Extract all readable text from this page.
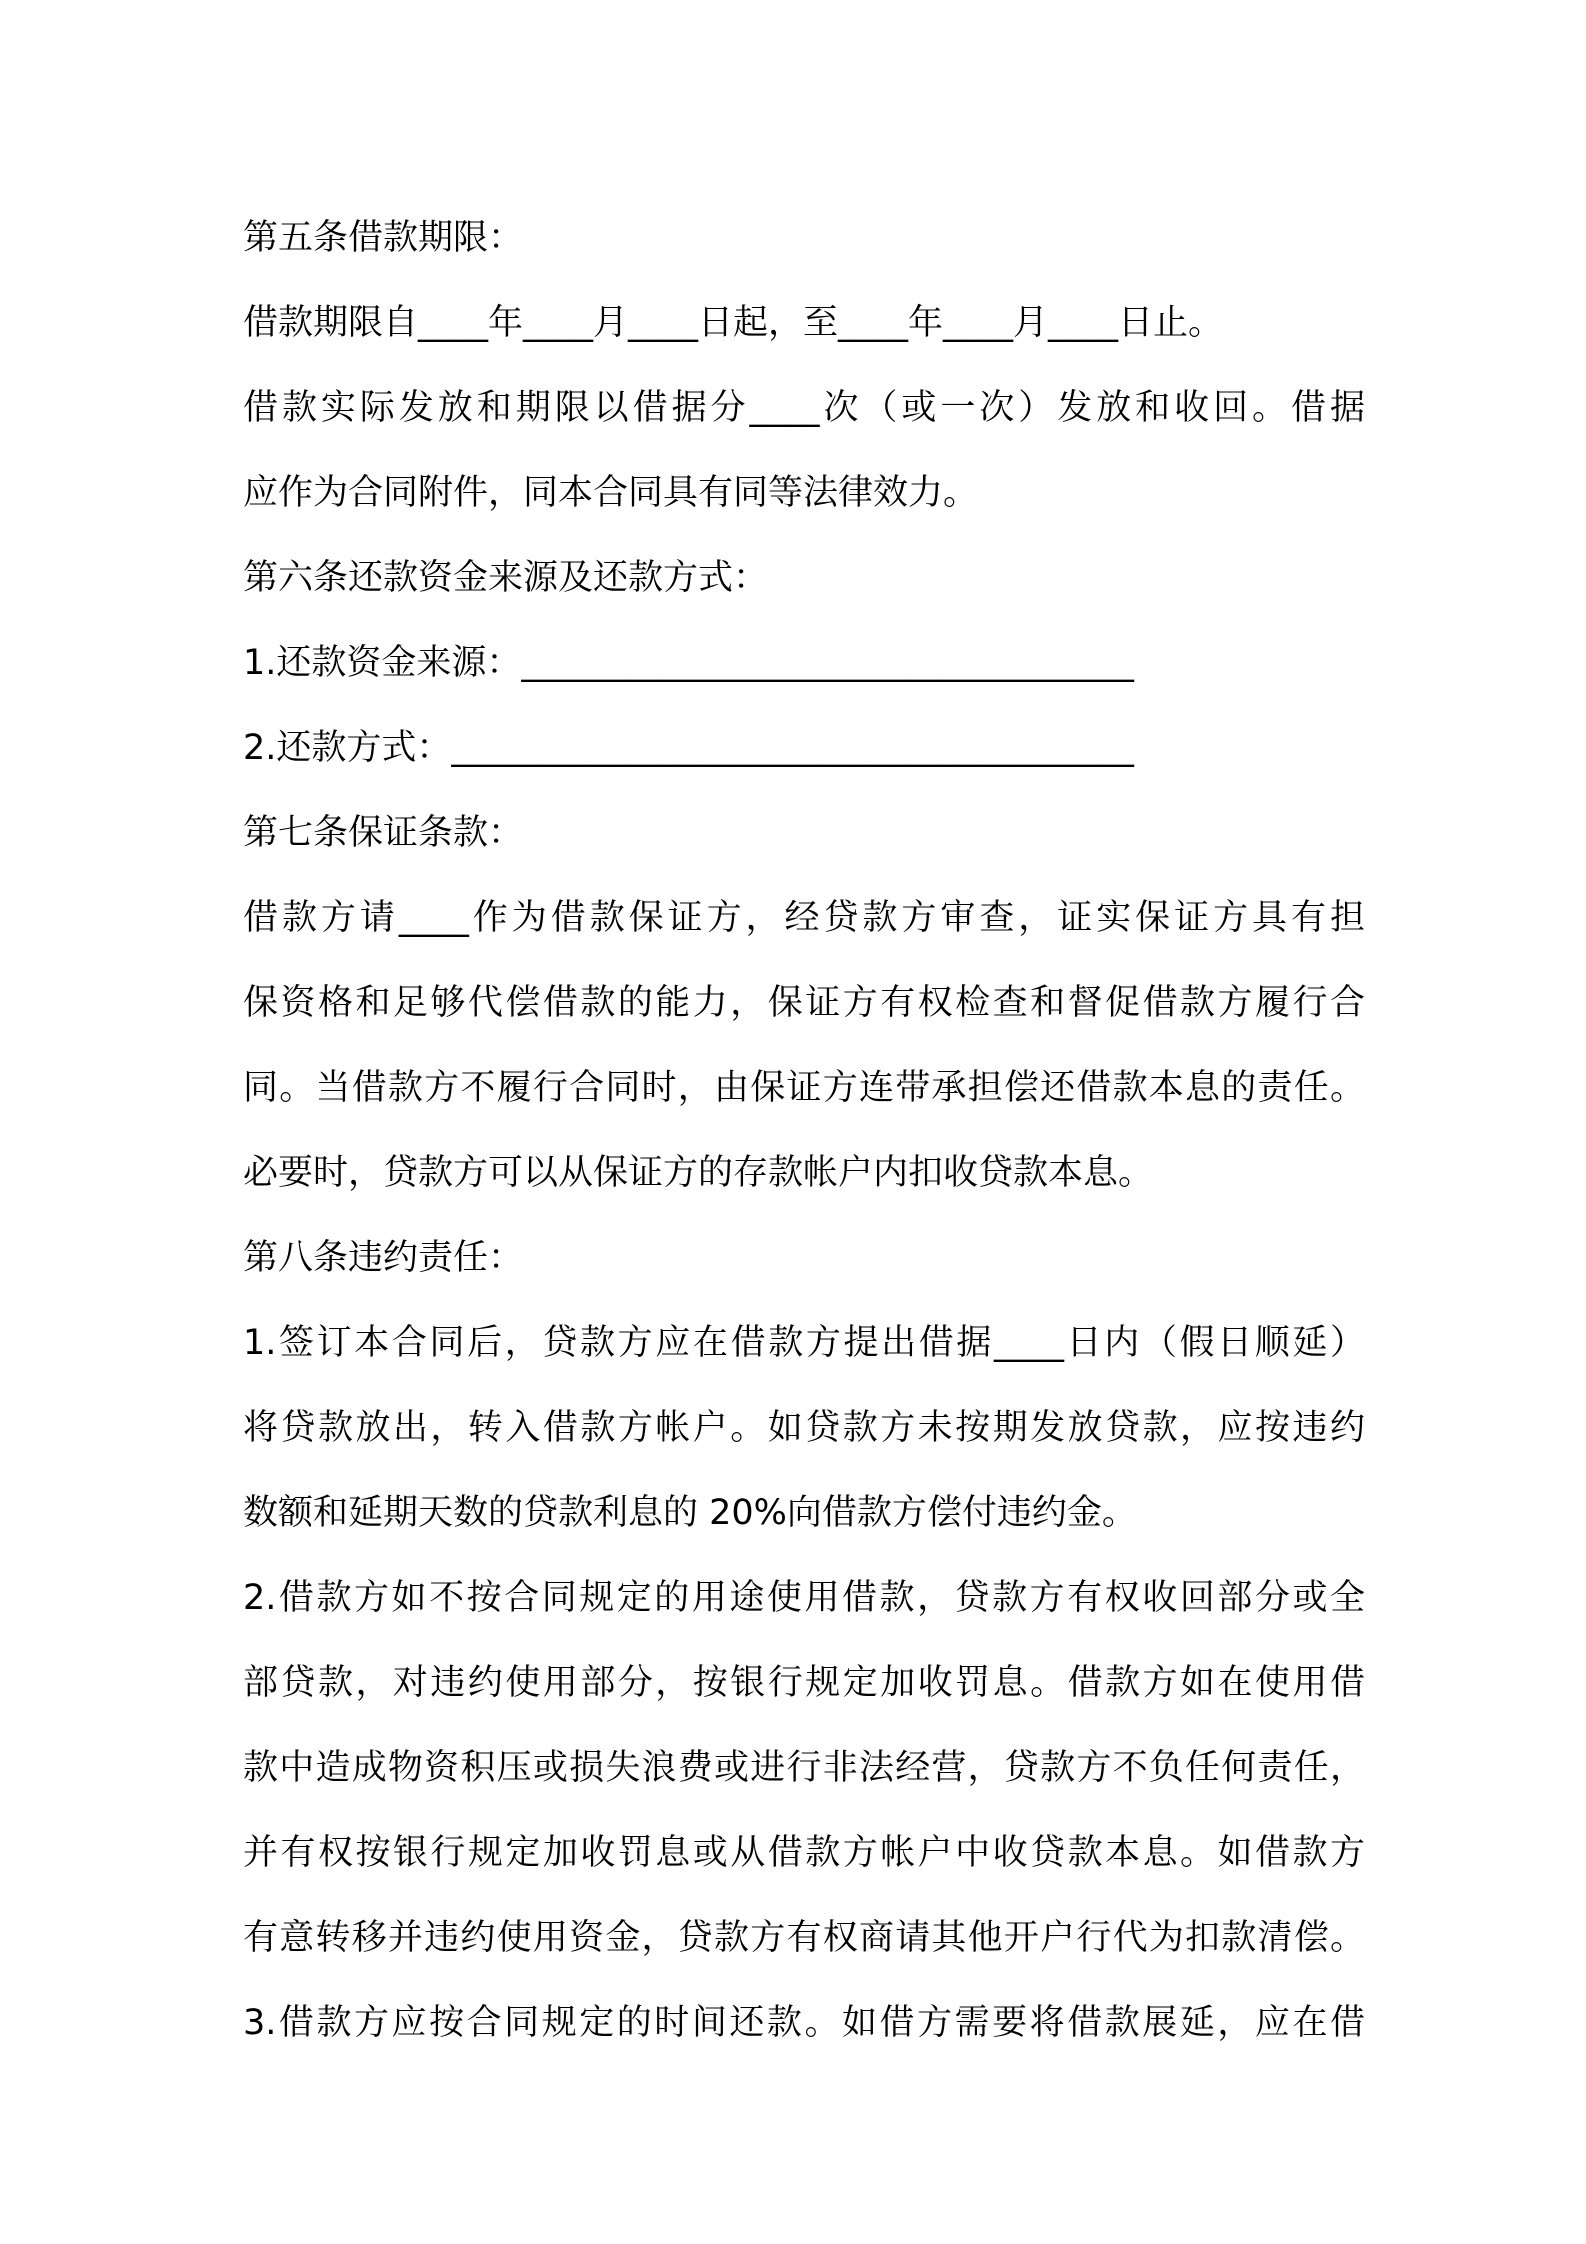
第五条借款期限：
借款期限自____年____月____日起，至____年____月____日止。
借款实际发放和期限以借据分____次（或一次）发放和收回。借据
应作为合同附件，同本合同具有同等法律效力。
第六条还款资金来源及还款方式：
1.还款资金来源：___________________________________
2.还款方式：_______________________________________
第七条保证条款：
借款方请____作为借款保证方，经贷款方审查，证实保证方具有担
保资格和足够代偿借款的能力，保证方有权检查和督促借款方履行合
同。当借款方不履行合同时，由保证方连带承担偿还借款本息的责任。
必要时，贷款方可以从保证方的存款帐户内扣收贷款本息。
第八条违约责任：
1.签订本合同后，贷款方应在借款方提出借据____日内（假日顺延）
将贷款放出，转入借款方帐户。如贷款方未按期发放贷款，应按违约
数额和延期天数的贷款利息的 20%向借款方偿付违约金。
2.借款方如不按合同规定的用途使用借款，贷款方有权收回部分或全
部贷款，对违约使用部分，按银行规定加收罚息。借款方如在使用借
款中造成物资积压或损失浪费或进行非法经营，贷款方不负任何责任，
并有权按银行规定加收罚息或从借款方帐户中收贷款本息。如借款方
有意转移并违约使用资金，贷款方有权商请其他开户行代为扣款清偿。
3.借款方应按合同规定的时间还款。如借方需要将借款展延，应在借
